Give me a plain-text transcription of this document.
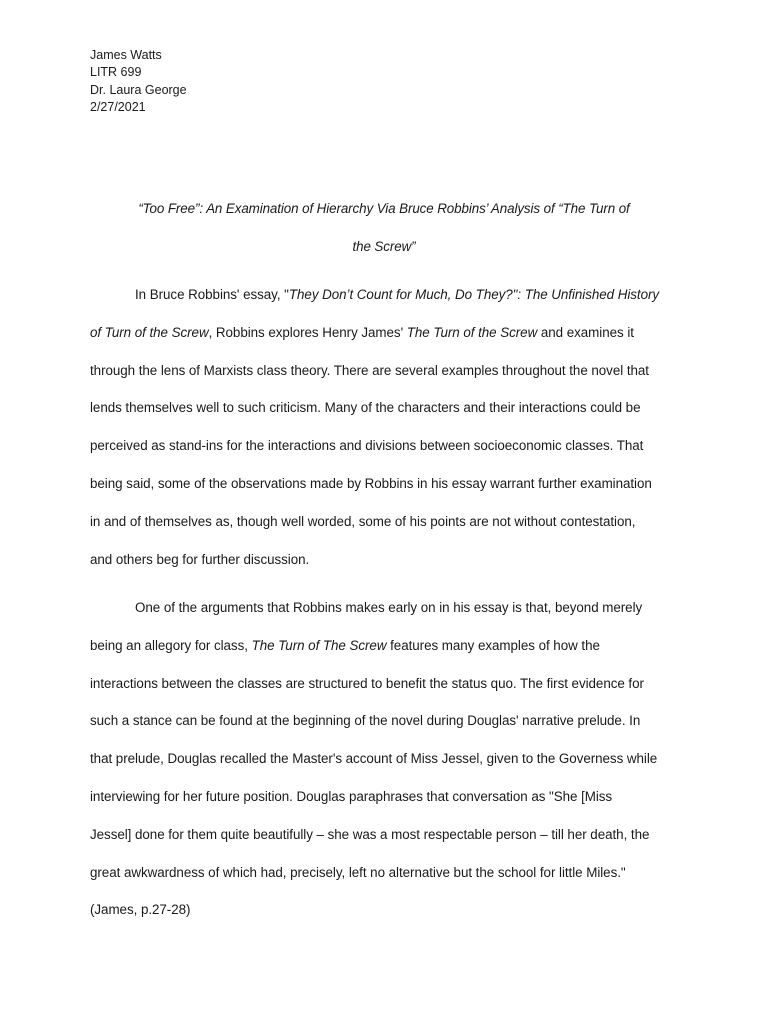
James Watts
LITR 699
Dr. Laura George
2/27/2021
“Too Free”: An Examination of Hierarchy Via Bruce Robbins’ Analysis of “The Turn of
the Screw”

In Bruce Robbins' essay, "They Don’t Count for Much, Do They?": The Unfinished History
of Turn of the Screw, Robbins explores Henry James' The Turn of the Screw and examines it
through the lens of Marxists class theory. There are several examples throughout the novel that
lends themselves well to such criticism. Many of the characters and their interactions could be
perceived as stand-ins for the interactions and divisions between socioeconomic classes. That
being said, some of the observations made by Robbins in his essay warrant further examination
in and of themselves as, though well worded, some of his points are not without contestation,
and others beg for further discussion.

One of the arguments that Robbins makes early on in his essay is that, beyond merely
being an allegory for class, The Turn of The Screw features many examples of how the
interactions between the classes are structured to benefit the status quo. The first evidence for
such a stance can be found at the beginning of the novel during Douglas' narrative prelude. In
that prelude, Douglas recalled the Master's account of Miss Jessel, given to the Governess while
interviewing for her future position. Douglas paraphrases that conversation as "She [Miss
Jessel] done for them quite beautifully – she was a most respectable person – till her death, the
great awkwardness of which had, precisely, left no alternative but the school for little Miles."
(James, p.27-28)
